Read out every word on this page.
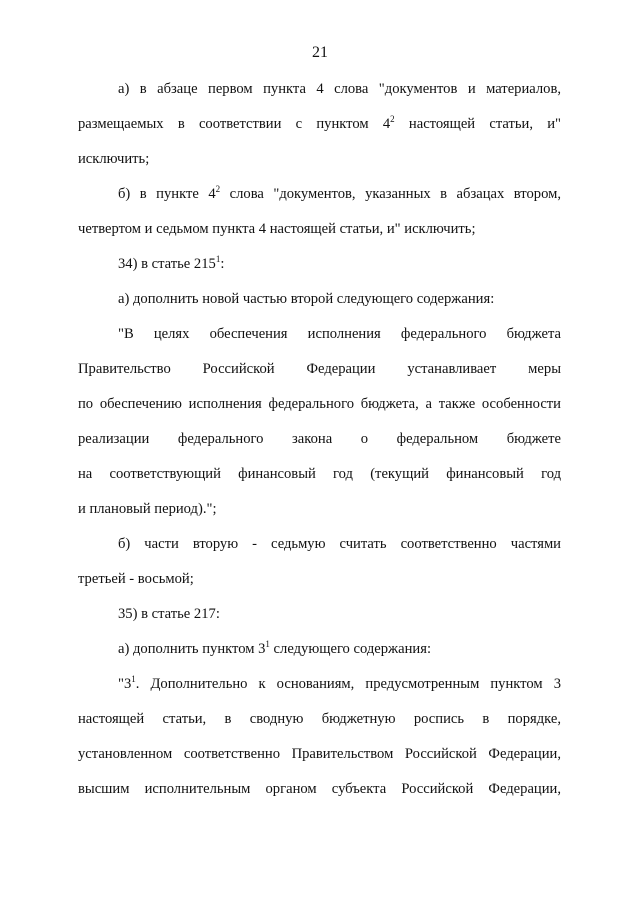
21
а) в абзаце первом пункта 4 слова "документов и материалов,
размещаемых в соответствии с пунктом $4^2$ настоящей статьи, и"
исключить;
б) в пункте $4^2$ слова "документов, указанных в абзацах втором,
четвертом и седьмом пункта 4 настоящей статьи, и" исключить;
34) в статье $215^1$:
а) дополнить новой частью второй следующего содержания:
"В целях обеспечения исполнения федерального бюджета
Правительство Российской Федерации устанавливает меры
по обеспечению исполнения федерального бюджета, а также особенности
реализации федерального закона о федеральном бюджете
на соответствующий финансовый год (текущий финансовый год
и плановый период).";
б) части вторую - седьмую считать соответственно частями
третьей - восьмой;
35) в статье 217:
а) дополнить пунктом $3^1$ следующего содержания:
"$3^1$. Дополнительно к основаниям, предусмотренным пунктом 3
настоящей статьи, в сводную бюджетную роспись в порядке,
установленном соответственно Правительством Российской Федерации,
высшим исполнительным органом субъекта Российской Федерации,
